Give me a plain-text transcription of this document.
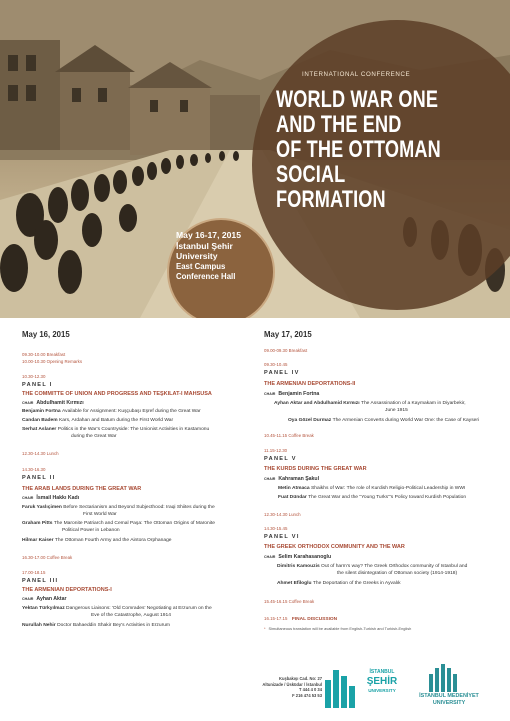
INTERNATIONAL CONFERENCE
WORLD WAR ONE
AND THE END
OF THE OTTOMAN
SOCIAL
FORMATION
May 16-17, 2015
İstanbul Şehir
University
East Campus
Conference Hall
May 16, 2015
09.30-10.00 Breakfast
10.00-10.30 Opening Remarks
10.30-12.30
PANEL I
THE COMMITTE OF UNION AND PROGRESS AND TEŞKILAT-I MAHSUSA
CHAIR Abdulhamit Kırmızı
Benjamin Fortna Available for Assignment: Kuşçubaşı Eşref during the Great War
Candan Badem Kars, Ardahan and Batum during the First World War
Serhat Aslaner Politics in the War's Countryside: The Unionist Activities in Kastamonu
during the Great War
12.30-14.30 Lunch
14.30-16.30
PANEL II
THE ARAB LANDS DURING THE GREAT WAR
CHAIR İsmail Hakkı Kadı
Faruk Yaslıçimen Before Sectarianism and Beyond Subjecthood: Iraqi Shiites during the
First World War
Graham Pitts The Maronite Patriarch and Cemal Paşa: The Ottoman Origins of Maronite
Political Power in Lebanon
Hilmar Kaiser The Ottoman Fourth Army and the Aintora Orphanage
16.30-17.00 Coffee Break
17.00-18.15
PANEL III
THE ARMENIAN DEPORTATIONS-I
CHAIR Ayhan Aktar
Yektan Türkyılmaz Dangerous Liaisons: 'Old Comrades' Negotiating at Erzurum on the
Eve of the Catastrophe, August 1914
Nurullah Nehir Doctor Bahaeddin Shakir Bey's Activities in Erzurum
May 17, 2015
09.00-09.30 Breakfast
09.30-10.45
PANEL IV
THE ARMENIAN DEPORTATIONS-II
CHAIR Benjamin Fortna
Ayhan Aktar and Abdulhamid Kırmızı The Assassination of a Kaymakam in Diyarbekir,
June 1915
Oya Gözel Durmaz The Armenian Converts during World War One: the Case of Kayseri
10.45-11.15 Coffee Break
11.15-12.30
PANEL V
THE KURDS DURING THE GREAT WAR
CHAIR Kahraman Şakul
Metin Atmaca Shaikhs of War: The role of Kurdish Religio-Political Leadership in WWI
Fuat Dündar The Great War and the "Young Turks"'s Policy toward Kurdish Population
12.30-14.30 Lunch
14.30-15.45
PANEL VI
THE GREEK ORTHODOX COMMUNITY AND THE WAR
CHAIR Selim Karahasanoglu
Dimitris Kamouzis Out of harm's way? The Greek Orthodox community of Istanbul and
the silent disintegration of Ottoman society (1914-1918)
Ahmet Efiloglu The Deportation of the Greeks in Ayvalık
15.45-16.15 Coffee Break
16.15-17.15 FINAL DISCUSSION
* Simultaneous translation will be available from English-Turkish and Turkish-English
Kuşbakışı Cad. No: 27
Altunizade / Üsküdar / İstanbul
T 444 4 0 34
F 216 474 53 53
İSTANBUL
ŞEHİR
UNIVERSITY
İSTANBUL MEDENİYET
UNIVERSITY
